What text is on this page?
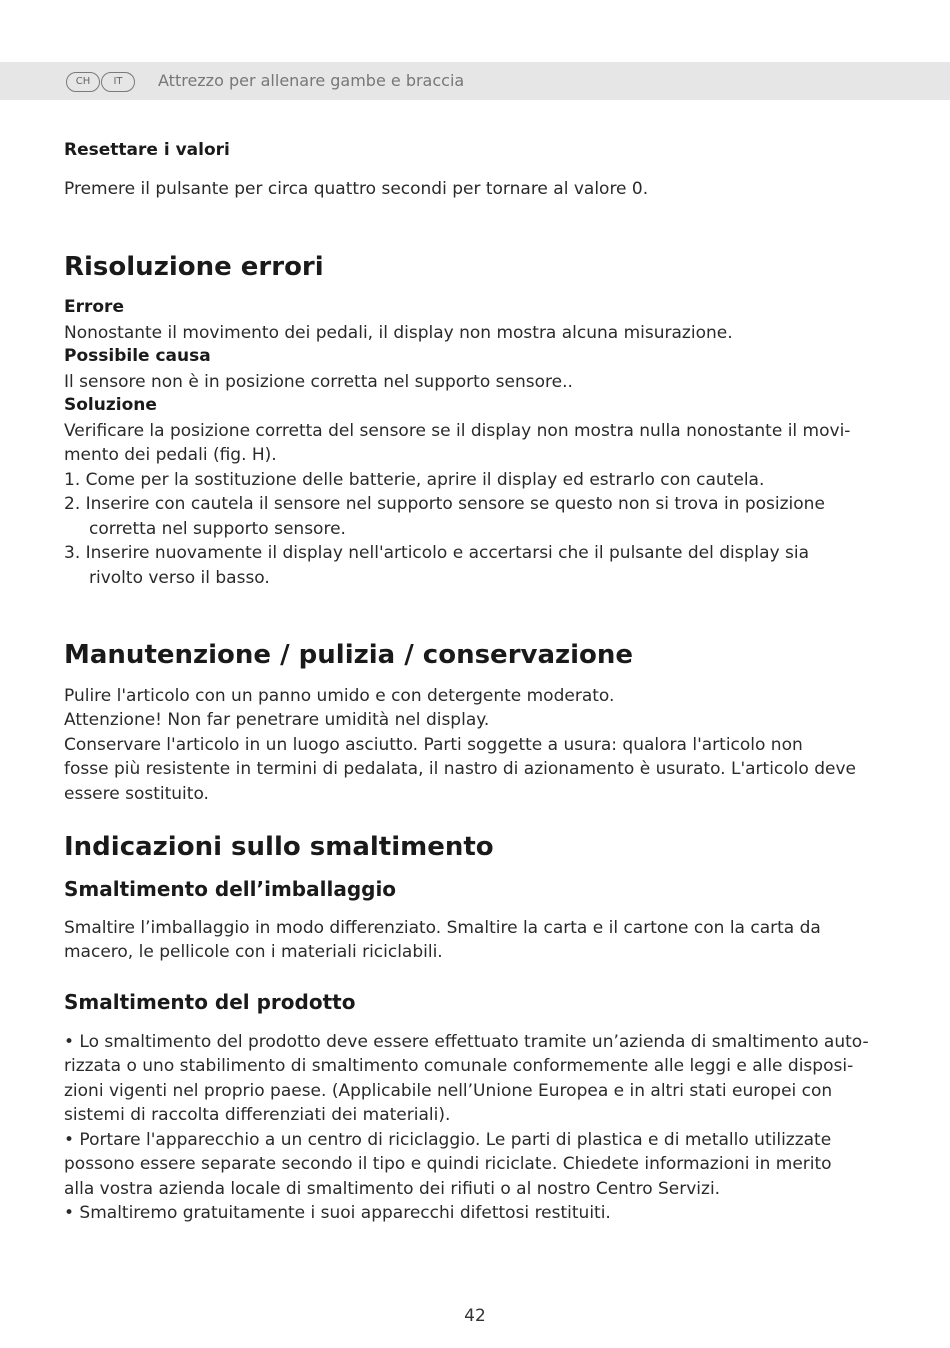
CH	IT	Attrezzo per allenare gambe e braccia
Resettare i valori
Premere il pulsante per circa quattro secondi per tornare al valore 0.
Risoluzione errori
Errore
Nonostante il movimento dei pedali, il display non mostra alcuna misurazione.
Possibile causa
Il sensore non è in posizione corretta nel supporto sensore..
Soluzione
Verificare la posizione corretta del sensore se il display non mostra nulla nonostante il movi-
mento dei pedali (fig. H).
1. Come per la sostituzione delle batterie, aprire il display ed estrarlo con cautela.
2. Inserire con cautela il sensore nel supporto sensore se questo non si trova in posizione
corretta nel supporto sensore.
3. Inserire nuovamente il display nell'articolo e accertarsi che il pulsante del display sia
rivolto verso il basso.
Manutenzione / pulizia / conservazione
Pulire l'articolo con un panno umido e con detergente moderato.
Attenzione! Non far penetrare umidità nel display.
Conservare l'articolo in un luogo asciutto. Parti soggette a usura: qualora l'articolo non
fosse più resistente in termini di pedalata, il nastro di azionamento è usurato. L'articolo deve
essere sostituito.
Indicazioni sullo smaltimento
Smaltimento dell’imballaggio
Smaltire l’imballaggio in modo differenziato. Smaltire la carta e il cartone con la carta da
macero, le pellicole con i materiali riciclabili.
Smaltimento del prodotto
• Lo smaltimento del prodotto deve essere effettuato tramite un’azienda di smaltimento auto-
rizzata o uno stabilimento di smaltimento comunale conformemente alle leggi e alle disposi-
zioni vigenti nel proprio paese. (Applicabile nell’Unione Europea e in altri stati europei con
sistemi di raccolta differenziati dei materiali).
• Portare l'apparecchio a un centro di riciclaggio. Le parti di plastica e di metallo utilizzate
possono essere separate secondo il tipo e quindi riciclate. Chiedete informazioni in merito
alla vostra azienda locale di smaltimento dei rifiuti o al nostro Centro Servizi.
• Smaltiremo gratuitamente i suoi apparecchi difettosi restituiti.
42
